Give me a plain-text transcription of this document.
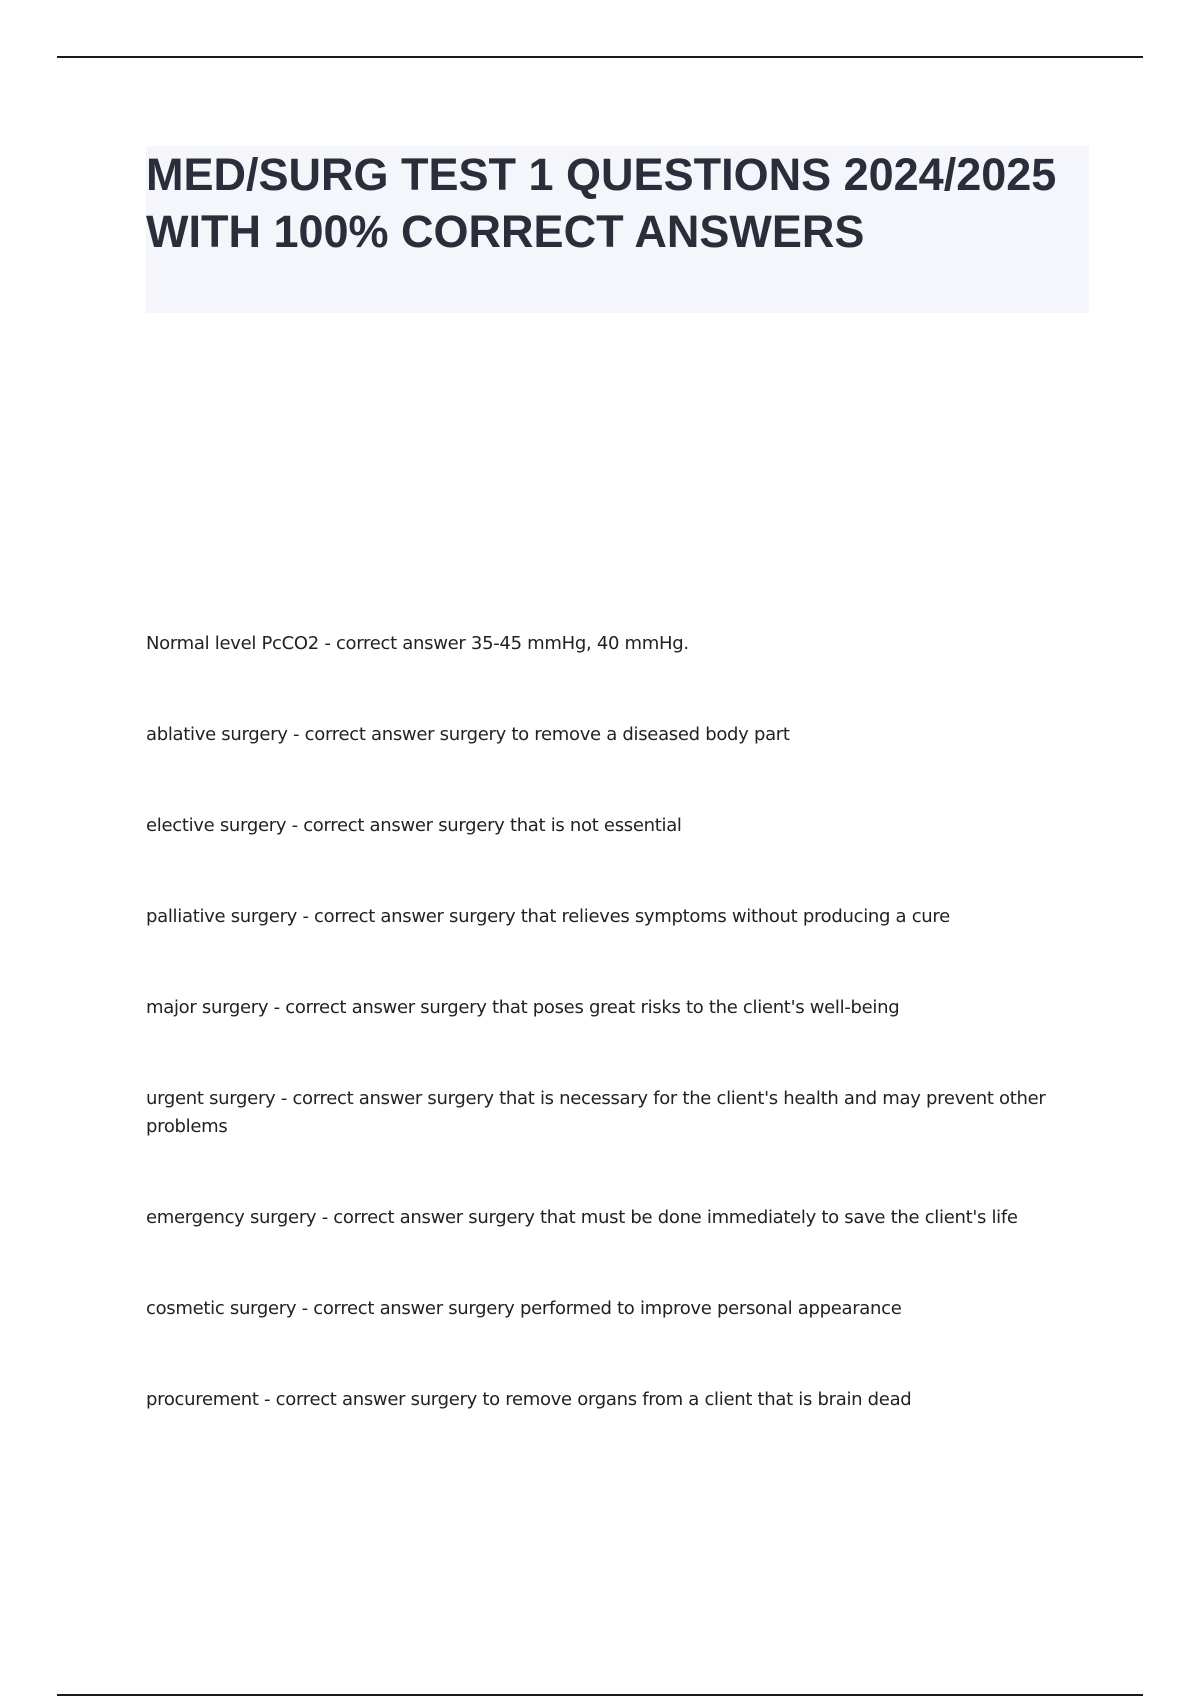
MED/SURG TEST 1 QUESTIONS 2024/2025 WITH 100% CORRECT ANSWERS
Normal level PcCO2 - correct answer 35-45 mmHg, 40 mmHg.
ablative surgery - correct answer surgery to remove a diseased body part
elective surgery - correct answer surgery that is not essential
palliative surgery - correct answer surgery that relieves symptoms without producing a cure
major surgery - correct answer surgery that poses great risks to the client's well-being
urgent surgery - correct answer surgery that is necessary for the client's health and may prevent other problems
emergency surgery - correct answer surgery that must be done immediately to save the client's life
cosmetic surgery - correct answer surgery performed to improve personal appearance
procurement - correct answer surgery to remove organs from a client that is brain dead
